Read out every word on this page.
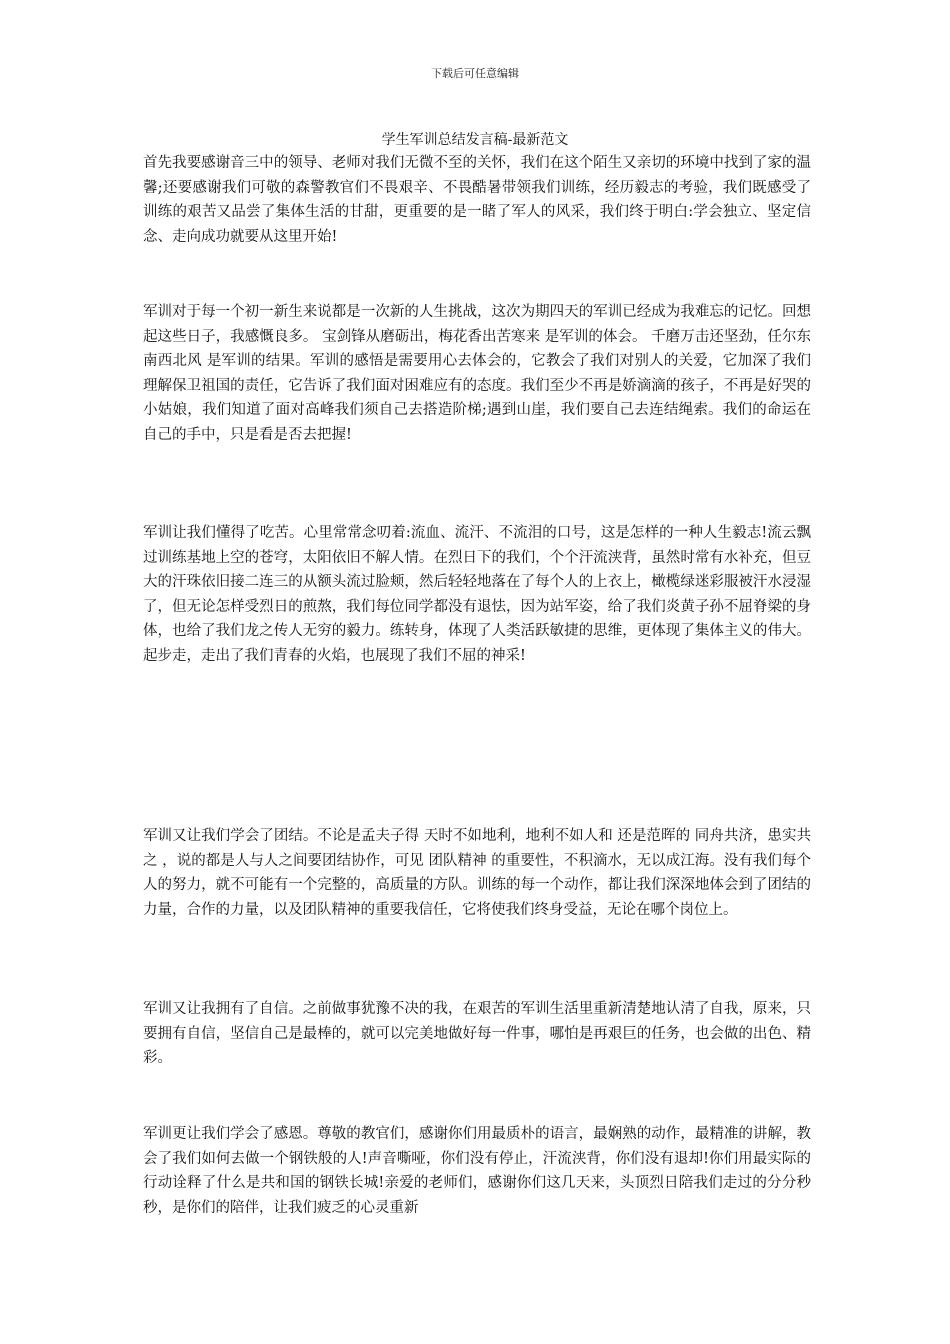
下载后可任意编辑
学生军训总结发言稿-最新范文

首先我要感谢音三中的领导、老师对我们无微不至的关怀，我们在这个陌生又亲切的环境中找到了家的温馨;还要感谢我们可敬的森警教官们不畏艰辛、不畏酷暑带领我们训练，经历毅志的考验，我们既感受了训练的艰苦又品尝了集体生活的甘甜，更重要的是一睹了军人的风采，我们终于明白:学会独立、坚定信念、走向成功就要从这里开始!

军训对于每一个初一新生来说都是一次新的人生挑战，这次为期四天的军训已经成为我难忘的记忆。回想起这些日子，我感慨良多。 宝剑锋从磨砺出，梅花香出苦寒来 是军训的体会。 千磨万击还坚劲，任尔东南西北风 是军训的结果。军训的感悟是需要用心去体会的，它教会了我们对别人的关爱，它加深了我们理解保卫祖国的责任，它告诉了我们面对困难应有的态度。我们至少不再是娇滴滴的孩子，不再是好哭的小姑娘，我们知道了面对高峰我们须自己去搭造阶梯;遇到山崖，我们要自己去连结绳索。我们的命运在自己的手中，只是看是否去把握!

军训让我们懂得了吃苦。心里常常念叨着:流血、流汗、不流泪的口号，这是怎样的一种人生毅志!流云飘过训练基地上空的苍穹，太阳依旧不解人情。在烈日下的我们，个个汗流浃背，虽然时常有水补充，但豆大的汗珠依旧接二连三的从额头流过脸颊，然后轻轻地落在了每个人的上衣上，橄榄绿迷彩服被汗水浸湿了，但无论怎样受烈日的煎熬，我们每位同学都没有退怯，因为站军姿，给了我们炎黄子孙不屈脊梁的身体，也给了我们龙之传人无穷的毅力。练转身，体现了人类活跃敏捷的思维，更体现了集体主义的伟大。 起步走，走出了我们青春的火焰，也展现了我们不屈的神采!

军训又让我们学会了团结。不论是孟夫子得 天时不如地利，地利不如人和 还是范晖的 同舟共济，患实共之 ，说的都是人与人之间要团结协作，可见 团队精神 的重要性，不积滴水，无以成江海。没有我们每个人的努力，就不可能有一个完整的，高质量的方队。训练的每一个动作，都让我们深深地体会到了团结的力量，合作的力量，以及团队精神的重要我信任，它将使我们终身受益，无论在哪个岗位上。

军训又让我拥有了自信。之前做事犹豫不决的我，在艰苦的军训生活里重新清楚地认清了自我，原来，只要拥有自信，坚信自己是最棒的，就可以完美地做好每一件事，哪怕是再艰巨的任务，也会做的出色、精彩。

军训更让我们学会了感恩。尊敬的教官们，感谢你们用最质朴的语言，最娴熟的动作，最精准的讲解，教会了我们如何去做一个钢铁般的人!声音嘶哑，你们没有停止，汗流浃背，你们没有退却!你们用最实际的行动诠释了什么是共和国的钢铁长城!亲爱的老师们，感谢你们这几天来，头顶烈日陪我们走过的分分秒秒，是你们的陪伴，让我们疲乏的心灵重新
